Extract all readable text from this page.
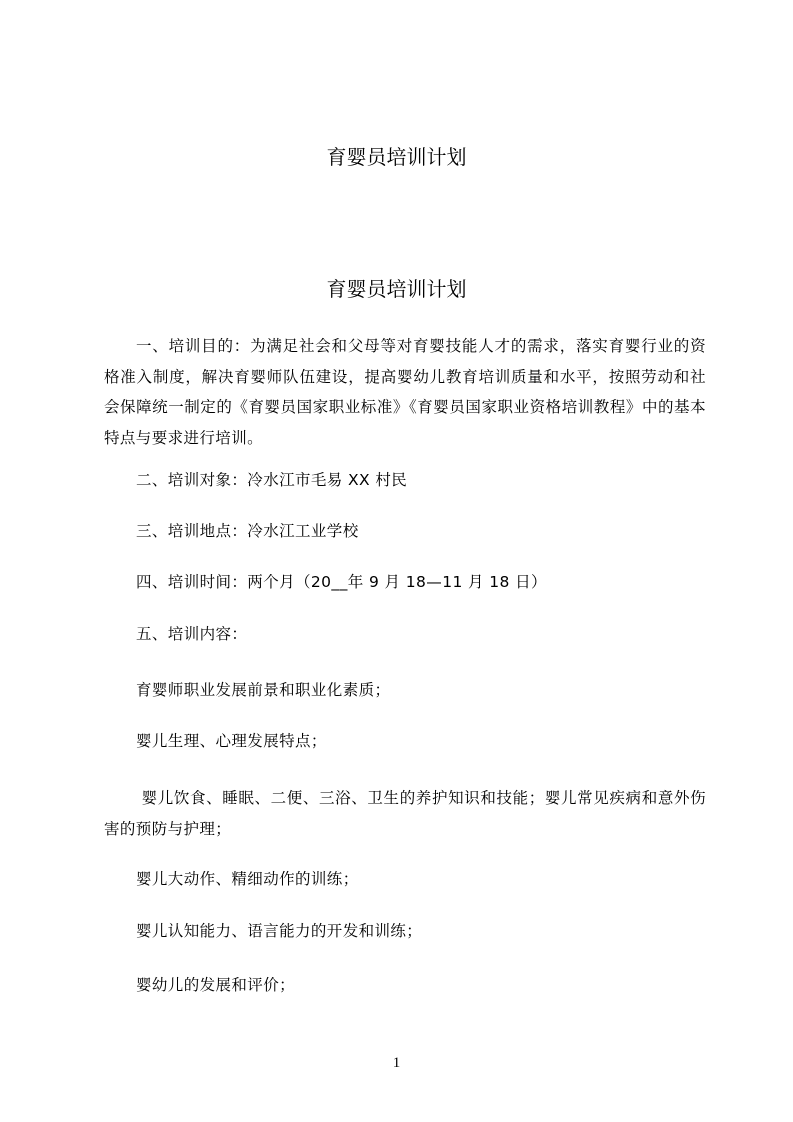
育婴员培训计划
育婴员培训计划

一、培训目的：为满足社会和父母等对育婴技能人才的需求，落实育婴行业的资格准入制度，解决育婴师队伍建设，提高婴幼儿教育培训质量和水平，按照劳动和社会保障统一制定的《育婴员国家职业标准》《育婴员国家职业资格培训教程》中的基本特点与要求进行培训。

二、培训对象：冷水江市毛易 XX 村民

三、培训地点：冷水江工业学校

四、培训时间：两个月（20__年 9 月 18—11 月 18 日）

五、培训内容：

育婴师职业发展前景和职业化素质；

婴儿生理、心理发展特点；

婴儿饮食、睡眠、二便、三浴、卫生的养护知识和技能；婴儿常见疾病和意外伤害的预防与护理；

婴儿大动作、精细动作的训练；

婴儿认知能力、语言能力的开发和训练；

婴幼儿的发展和评价；

1
